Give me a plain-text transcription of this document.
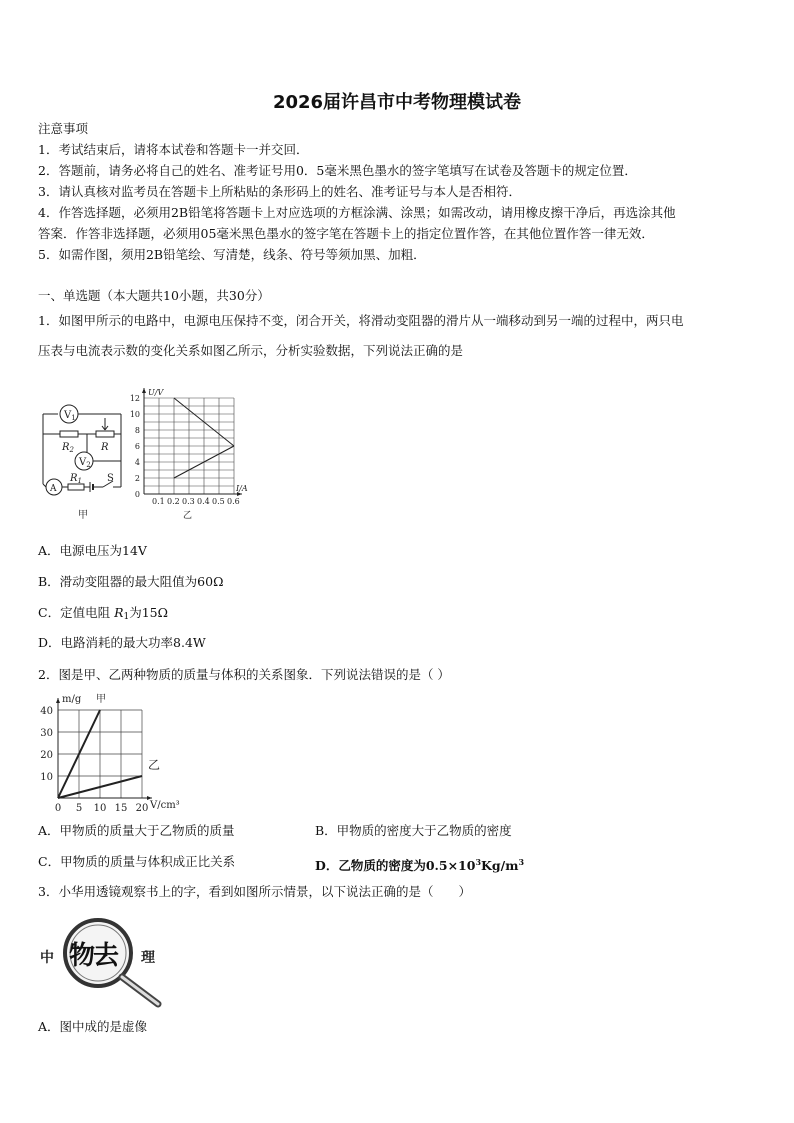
2026届许昌市中考物理模试卷
注意事项
1．考试结束后，请将本试卷和答题卡一并交回．
2．答题前，请务必将自己的姓名、准考证号用0．5毫米黑色墨水的签字笔填写在试卷及答题卡的规定位置．
3．请认真核对监考员在答题卡上所粘贴的条形码上的姓名、准考证号与本人是否相符．
4．作答选择题，必须用2B铅笔将答题卡上对应选项的方框涂满、涂黑；如需改动，请用橡皮擦干净后，再选涂其他
答案．作答非选择题，必须用05毫米黑色墨水的签字笔在答题卡上的指定位置作答，在其他位置作答一律无效．
5．如需作图，须用2B铅笔绘、写清楚，线条、符号等须加黑、加粗．
一、单选题（本大题共10小题，共30分）
1．如图甲所示的电路中，电源电压保持不变，闭合开关，将滑动变阻器的滑片从一端移动到另一端的过程中，两只电
压表与电流表示数的变化关系如图乙所示，分析实验数据，下列说法正确的是
$V_1$
$R_2$	R
$V_2$
A
$R_1$	S
甲
0.1 0.2 0.3 0.4 0.5 0.6
0
2
4
6
8
10
12
I/A
U/V
乙
A．电源电压为14V
B．滑动变阻器的最大阻值为60Ω
C．定值电阻 $R_1$为15Ω
D．电路消耗的最大功率8.4W
2．图是甲、乙两种物质的质量与体积的关系图象．下列说法错误的是（ ）
0 5 10 15 20
10
20
30
40
V/cm³
m/g 甲
乙
A．甲物质的质量大于乙物质的质量	B．甲物质的密度大于乙物质的密度
C．甲物质的质量与体积成正比关系	D．乙物质的密度为$0.5\times 10^3Kg/m^3$
3．小华用透镜观察书上的字，看到如图所示情景，以下说法正确的是（　　）
中 物去 理
A．图中成的是虚像
